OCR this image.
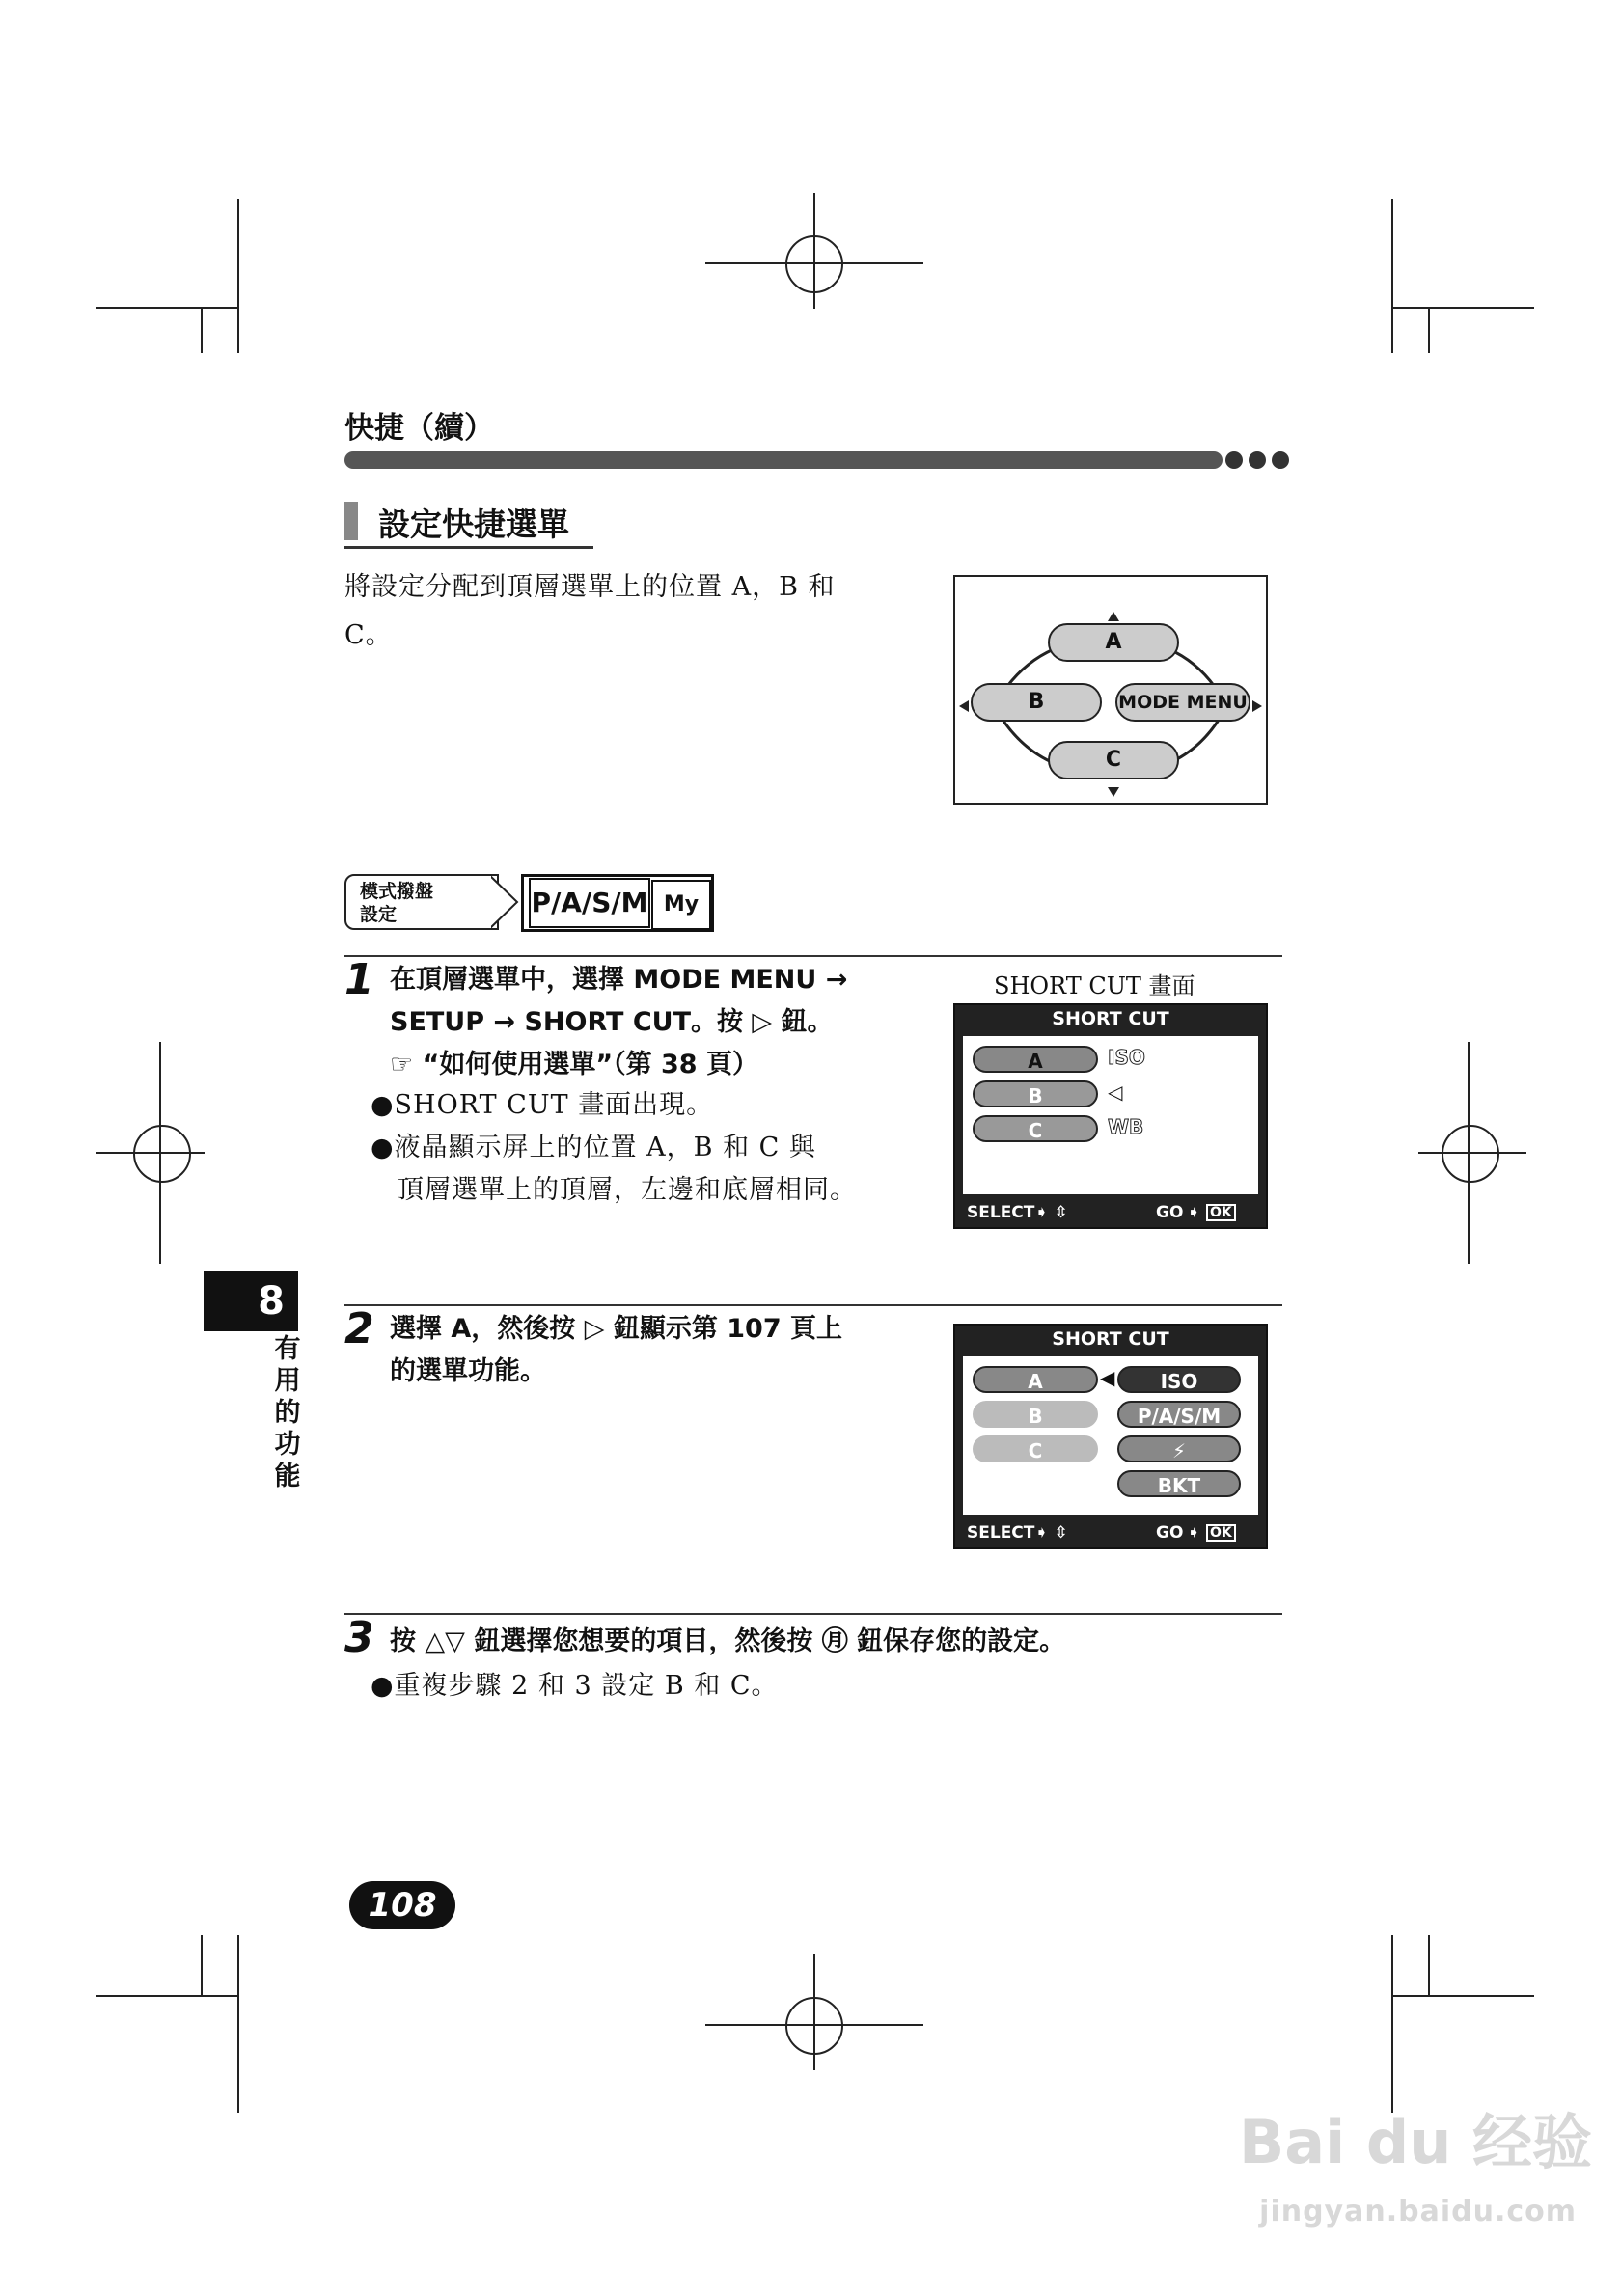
快捷（續）
設定快捷選單
將設定分配到頂層選單上的位置 A，B 和
C。	A
B	MODE MENU
C
模式撥盤
設定	P/A/S/M My
1 在頂層選單中，選擇 MODE MENU →
SETUP → SHORT CUT。按 ▷ 鈕。
☞ “如何使用選單”（第 38 頁）
●SHORT CUT 畫面出現。
●液晶顯示屏上的位置 A，B 和 C 與
頂層選單上的頂層，左邊和底層相同。
SHORT CUT 畫面
SHORT CUT
A	ISO
B	◁
C	WB
SELECT➧ ⇳	GO ➧ OK
2 選擇 A，然後按 ▷ 鈕顯示第 107 頁上
的選單功能。
SHORT CUT
A	◀
B
C
ISO
P/A/S/M
⚡
BKT
SELECT➧ ⇳	GO ➧ OK
3 按 △▽ 鈕選擇您想要的項目，然後按 ㊊ 鈕保存您的設定。
●重複步驟 2 和 3 設定 B 和 C。
8
有用的功能
108
Bai du 经验
jingyan.baidu.com
